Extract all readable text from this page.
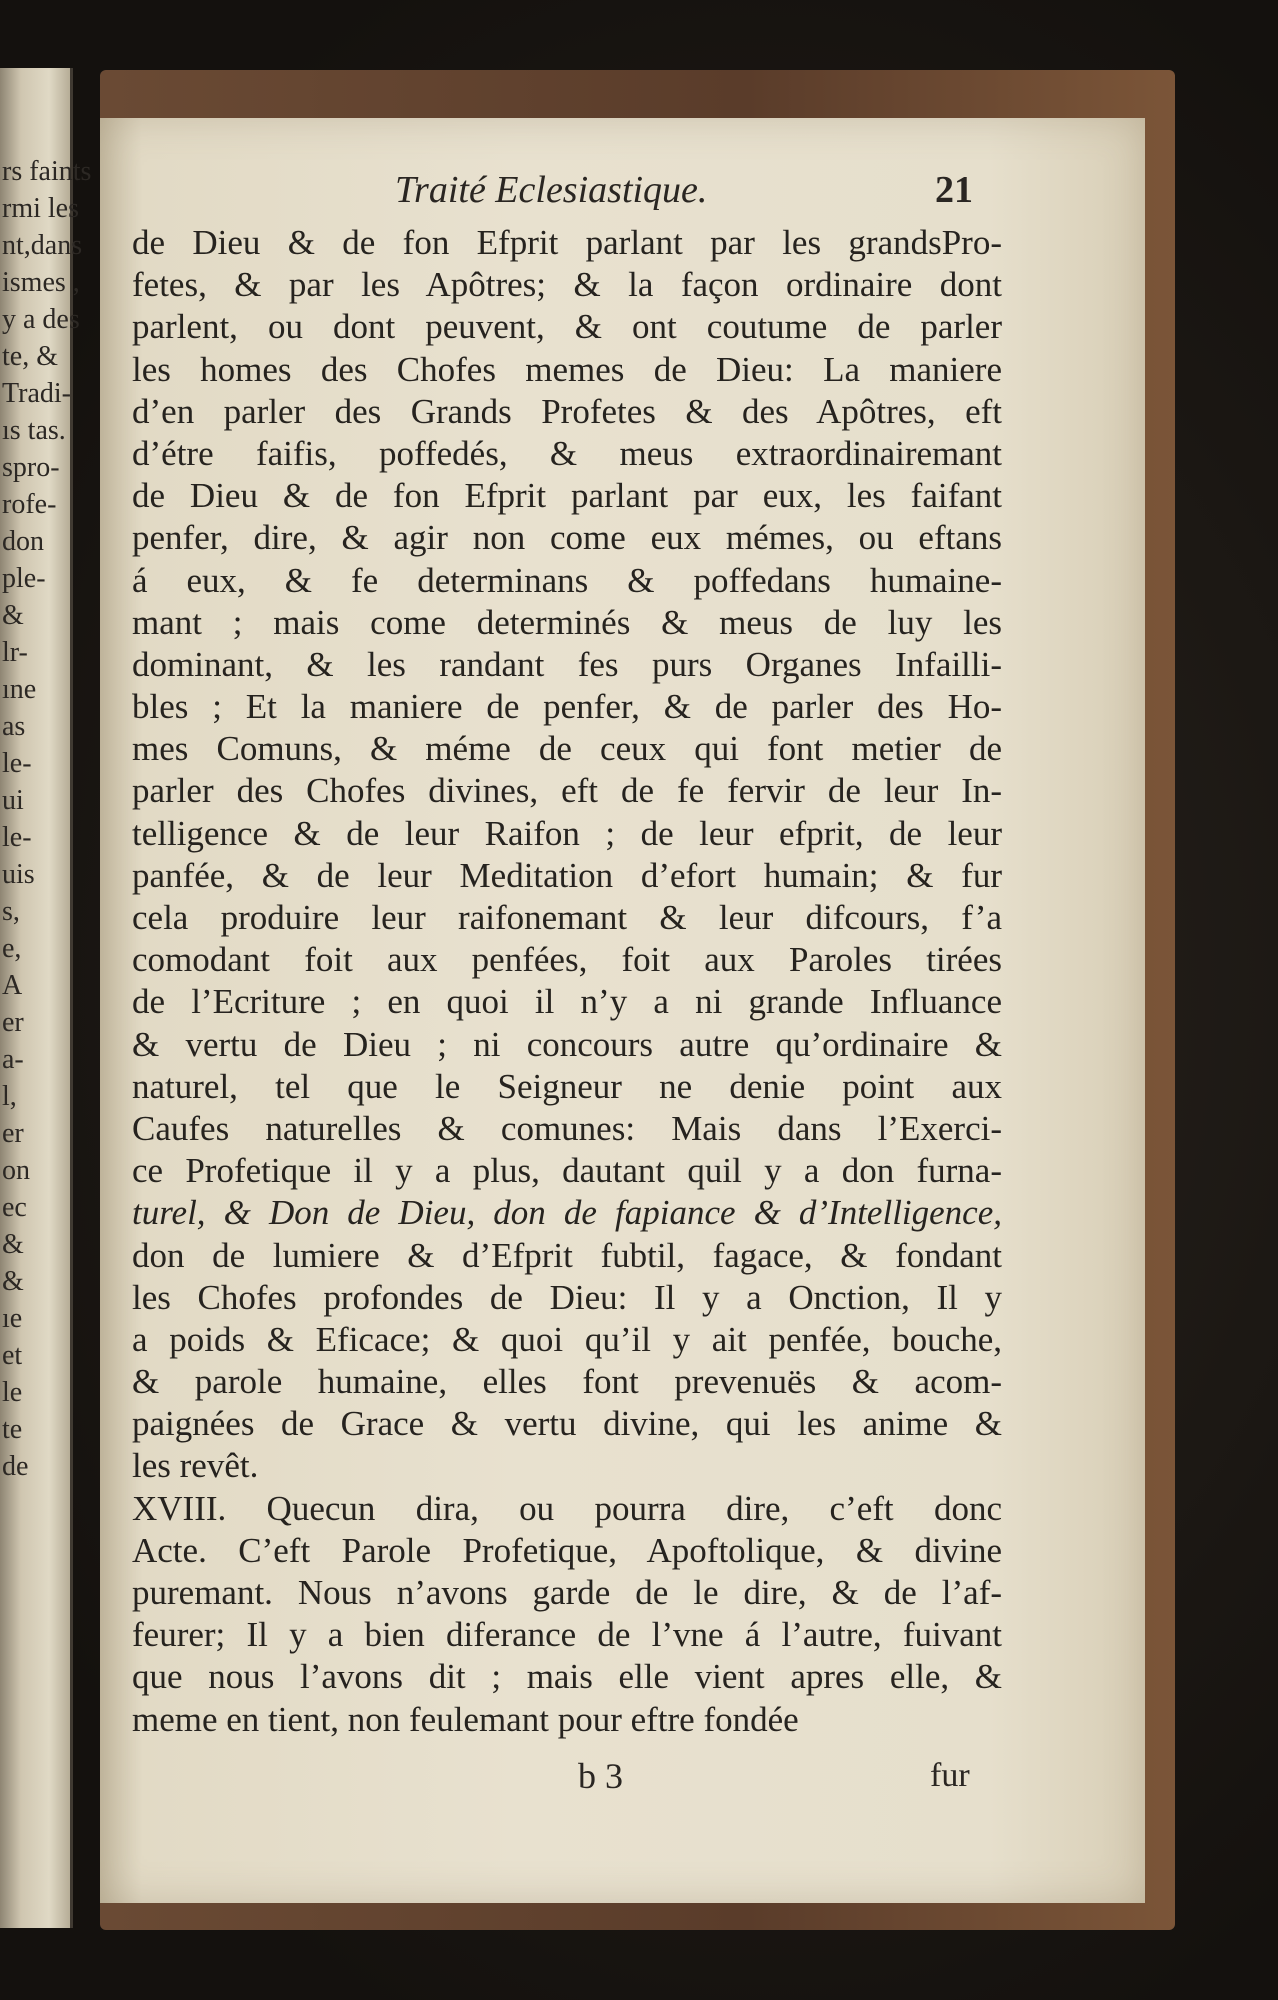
rs faints
rmi les
nt,dans
ismes ,
y a des
te, &
Tradi-
ıs tas.
spro-
rofe-
don
ple-
&
lr-
ıne
as
le-
ui
le-
uis
s,
e,
A
er
a-
l,
er
on
ec
&
&
ıe
et
le
te
de
Traité Eclesiastique.	21
de Dieu & de fon Efprit parlant par les grandsPro-
fetes, & par les Apôtres; & la façon ordinaire dont
parlent, ou dont peuvent, & ont coutume de parler
les homes des Chofes memes de Dieu: La maniere
d’en parler des Grands Profetes & des Apôtres, eft
d’étre faifis, poffedés, & meus extraordinairemant
de Dieu & de fon Efprit parlant par eux, les faifant
penfer, dire, & agir non come eux mémes, ou eftans
á eux, & fe determinans & poffedans humaine-
mant ; mais come determinés & meus de luy les
dominant, & les randant fes purs Organes Infailli-
bles ; Et la maniere de penfer, & de parler des Ho-
mes Comuns, & méme de ceux qui font metier de
parler des Chofes divines, eft de fe fervir de leur In-
telligence & de leur Raifon ; de leur efprit, de leur
panfée, & de leur Meditation d’efort humain; & fur
cela produire leur raifonemant & leur difcours, f’a
comodant foit aux penfées, foit aux Paroles tirées
de l’Ecriture ; en quoi il n’y a ni grande Influance
& vertu de Dieu ; ni concours autre qu’ordinaire &
naturel, tel que le Seigneur ne denie point aux
Caufes naturelles & comunes: Mais dans l’Exerci-
ce Profetique il y a plus, dautant quil y a don furna-
turel, & Don de Dieu, don de fapiance & d’Intelligence,
don de lumiere & d’Efprit fubtil, fagace, & fondant
les Chofes profondes de Dieu: Il y a Onction, Il y
a poids & Eficace; & quoi qu’il y ait penfée, bouche,
& parole humaine, elles font prevenuës & acom-
paignées de Grace & vertu divine, qui les anime &
les revêt.
XVIII. Quecun dira, ou pourra dire, c’eft donc
Acte. C’eft Parole Profetique, Apoftolique, & divine
puremant. Nous n’avons garde de le dire, & de l’af-
feurer; Il y a bien diferance de l’vne á l’autre, fuivant
que nous l’avons dit ; mais elle vient apres elle, &
meme en tient, non feulemant pour eftre fondée
b 3	fur
